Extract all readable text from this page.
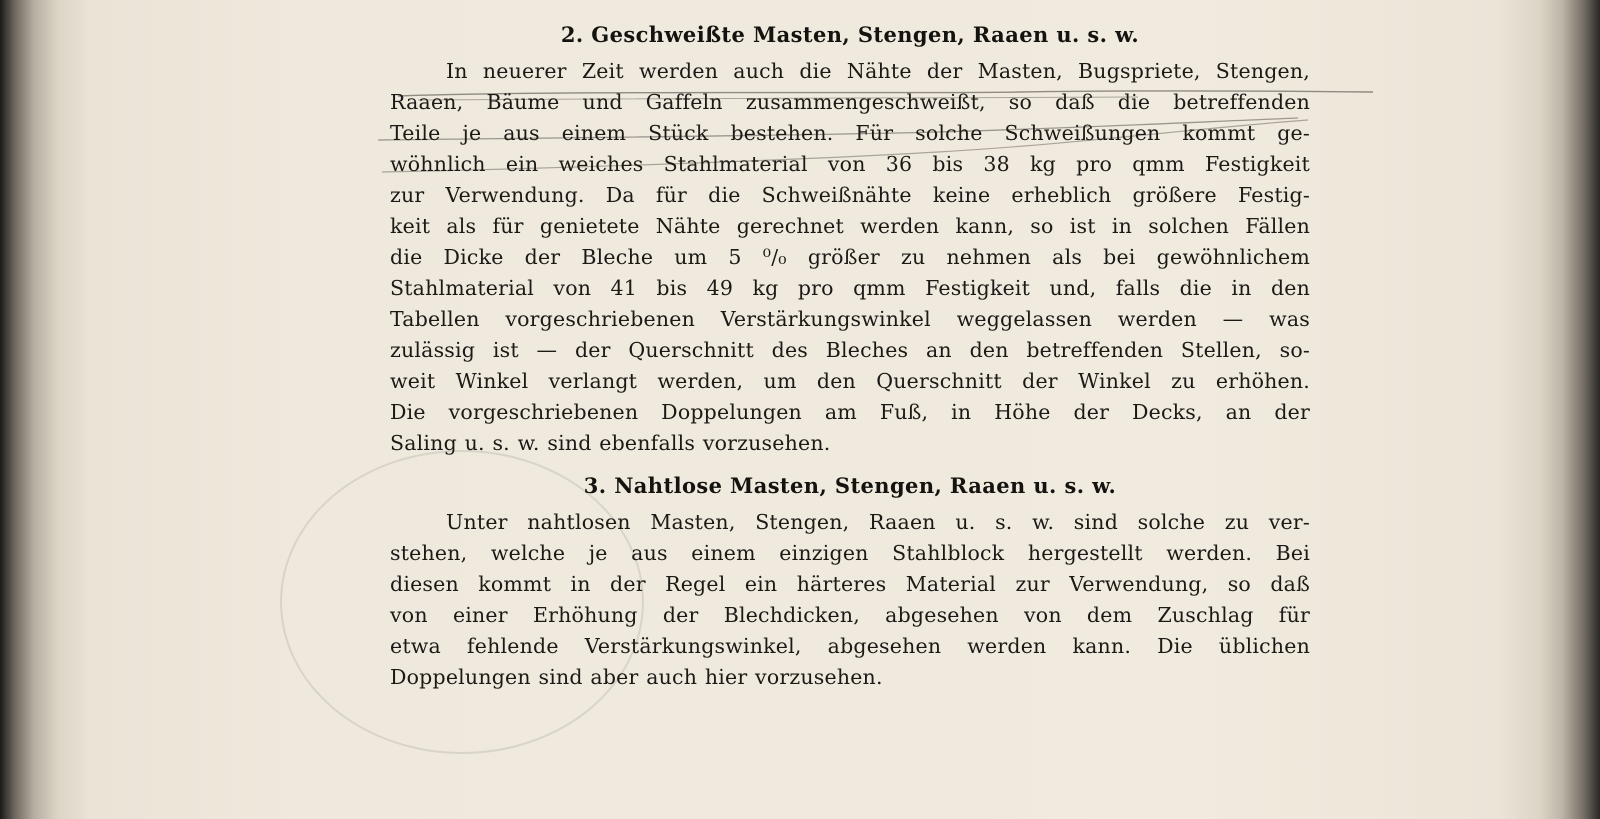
2. Geschweißte Masten, Stengen, Raaen u. s. w.
In neuerer Zeit werden auch die Nähte der Masten, Bugspriete, Stengen,
Raaen, Bäume und Gaffeln zusammengeschweißt, so daß die betreffenden
Teile je aus einem Stück bestehen. Für solche Schweißungen kommt ge-
wöhnlich ein weiches Stahlmaterial von 36 bis 38 kg pro qmm Festigkeit
zur Verwendung. Da für die Schweißnähte keine erheblich größere Festig-
keit als für genietete Nähte gerechnet werden kann, so ist in solchen Fällen
die Dicke der Bleche um 5 ⁰/₀ größer zu nehmen als bei gewöhnlichem
Stahlmaterial von 41 bis 49 kg pro qmm Festigkeit und, falls die in den
Tabellen vorgeschriebenen Verstärkungswinkel weggelassen werden — was
zulässig ist — der Querschnitt des Bleches an den betreffenden Stellen, so-
weit Winkel verlangt werden, um den Querschnitt der Winkel zu erhöhen.
Die vorgeschriebenen Doppelungen am Fuß, in Höhe der Decks, an der
Saling u. s. w. sind ebenfalls vorzusehen.
3. Nahtlose Masten, Stengen, Raaen u. s. w.
Unter nahtlosen Masten, Stengen, Raaen u. s. w. sind solche zu ver-
stehen, welche je aus einem einzigen Stahlblock hergestellt werden. Bei
diesen kommt in der Regel ein härteres Material zur Verwendung, so daß
von einer Erhöhung der Blechdicken, abgesehen von dem Zuschlag für
etwa fehlende Verstärkungswinkel, abgesehen werden kann. Die üblichen
Doppelungen sind aber auch hier vorzusehen.
